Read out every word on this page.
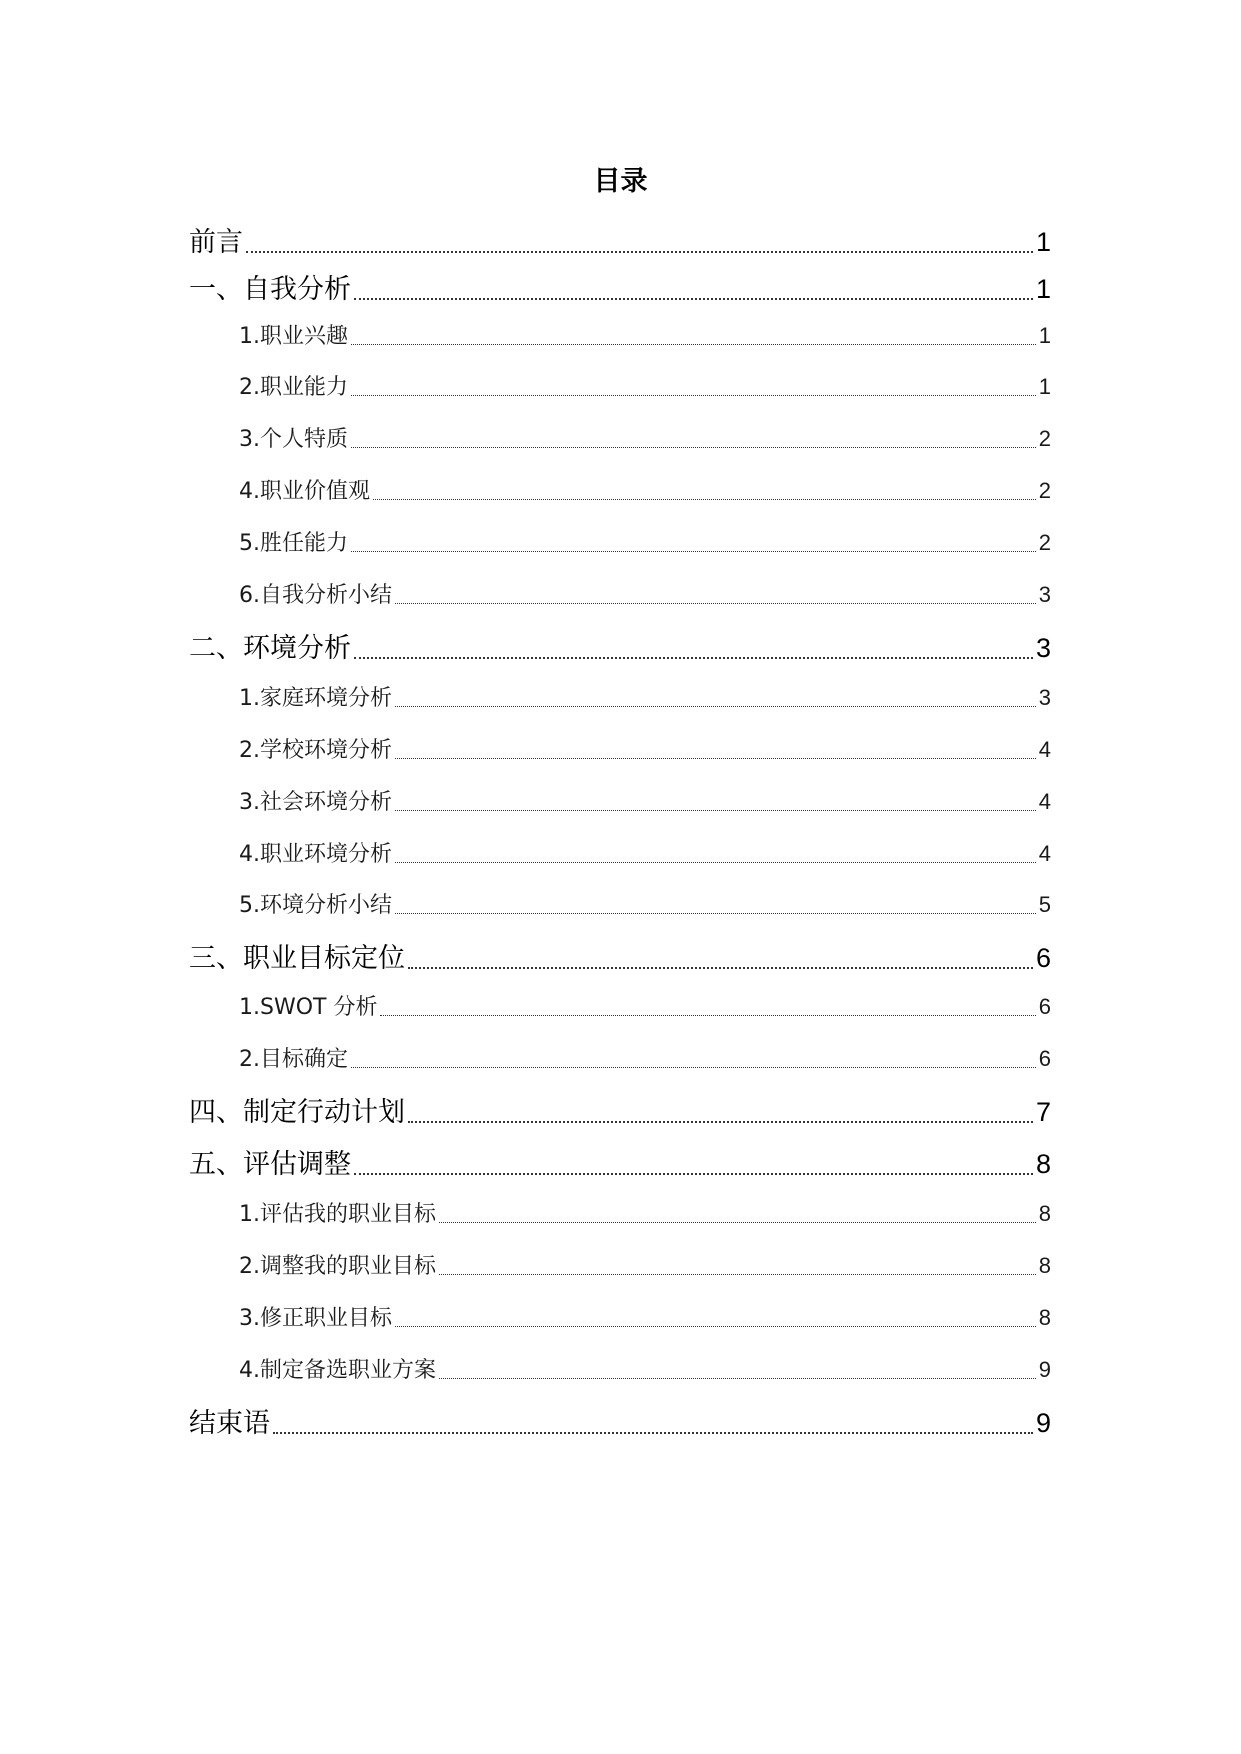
目录
前言	1
一、自我分析	1
1.职业兴趣	1
2.职业能力	1
3.个人特质	2
4.职业价值观	2
5.胜任能力	2
6.自我分析小结	3
二、环境分析	3
1.家庭环境分析	3
2.学校环境分析	4
3.社会环境分析	4
4.职业环境分析	4
5.环境分析小结	5
三、职业目标定位	6
1.SWOT 分析	6
2.目标确定	6
四、制定行动计划	7
五、评估调整	8
1.评估我的职业目标	8
2.调整我的职业目标	8
3.修正职业目标	8
4.制定备选职业方案	9
结束语	9
